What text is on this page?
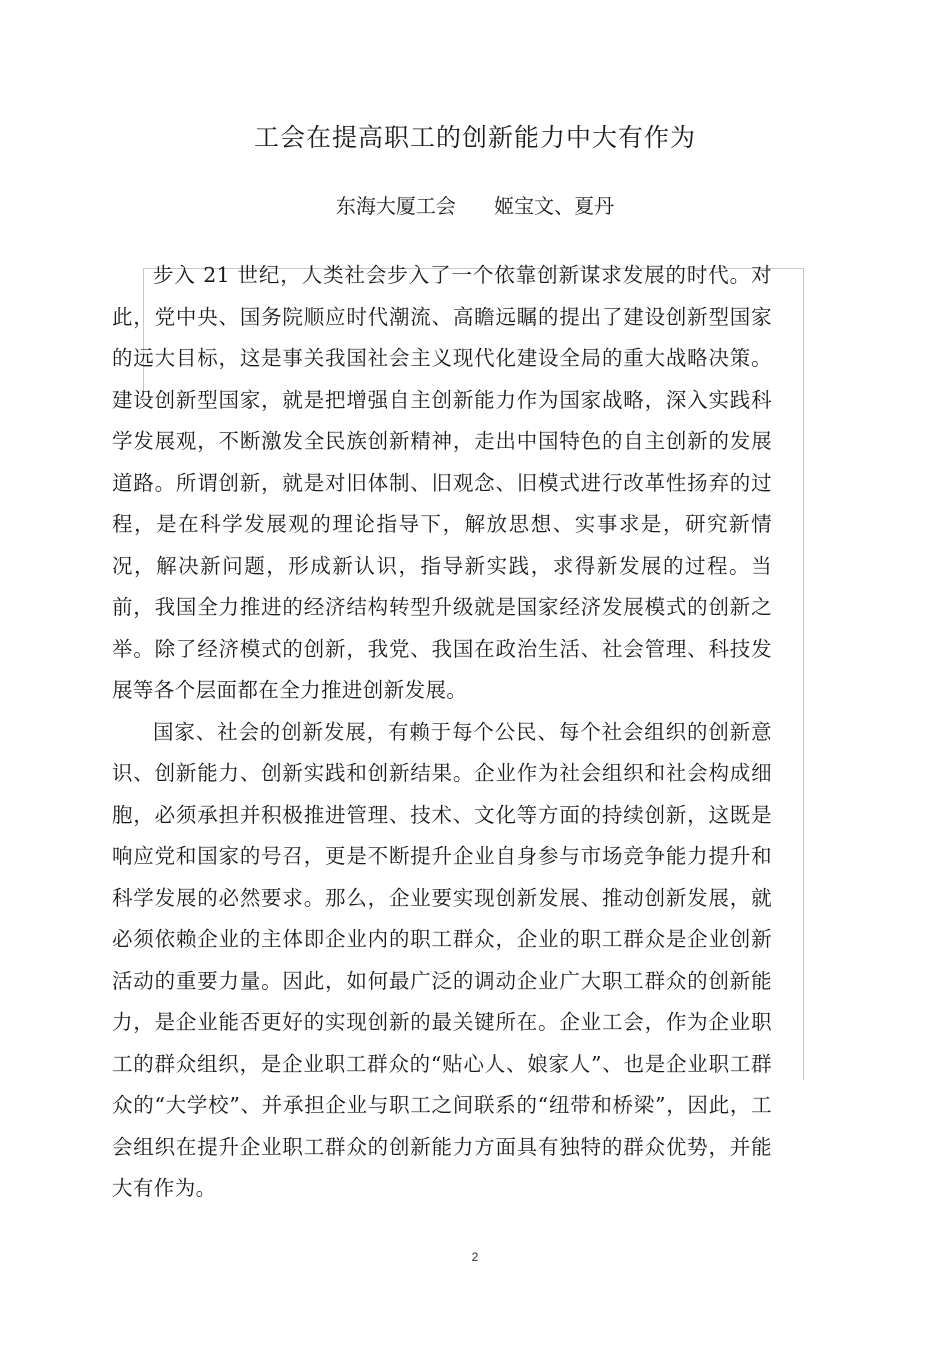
工会在提高职工的创新能力中大有作为
东海大厦工会      姬宝文、夏丹

步入 21 世纪，人类社会步入了一个依靠创新谋求发展的时代。对此，党中央、国务院顺应时代潮流、高瞻远瞩的提出了建设创新型国家的远大目标，这是事关我国社会主义现代化建设全局的重大战略决策。建设创新型国家，就是把增强自主创新能力作为国家战略，深入实践科学发展观，不断激发全民族创新精神，走出中国特色的自主创新的发展道路。所谓创新，就是对旧体制、旧观念、旧模式进行改革性扬弃的过程，是在科学发展观的理论指导下，解放思想、实事求是，研究新情况，解决新问题，形成新认识，指导新实践，求得新发展的过程。当前，我国全力推进的经济结构转型升级就是国家经济发展模式的创新之举。除了经济模式的创新，我党、我国在政治生活、社会管理、科技发展等各个层面都在全力推进创新发展。

国家、社会的创新发展，有赖于每个公民、每个社会组织的创新意识、创新能力、创新实践和创新结果。企业作为社会组织和社会构成细胞，必须承担并积极推进管理、技术、文化等方面的持续创新，这既是响应党和国家的号召，更是不断提升企业自身参与市场竞争能力提升和科学发展的必然要求。那么，企业要实现创新发展、推动创新发展，就必须依赖企业的主体即企业内的职工群众，企业的职工群众是企业创新活动的重要力量。因此，如何最广泛的调动企业广大职工群众的创新能力，是企业能否更好的实现创新的最关键所在。企业工会，作为企业职工的群众组织，是企业职工群众的“贴心人、娘家人”、也是企业职工群众的“大学校”、并承担企业与职工之间联系的“纽带和桥梁”，因此，工会组织在提升企业职工群众的创新能力方面具有独特的群众优势，并能大有作为。

2
